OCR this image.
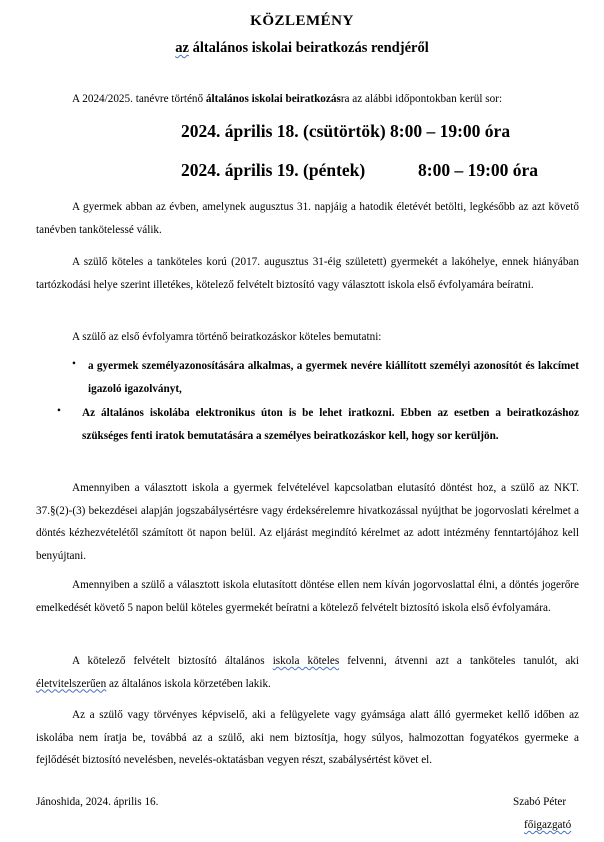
KÖZLEMÉNY
az általános iskolai beiratkozás rendjéről
A 2024/2025. tanévre történő általános iskolai beiratkozásra az alábbi időpontokban kerül sor:
2024. április 18. (csütörtök) 8:00 – 19:00 óra
2024. április 19. (péntek)	8:00 – 19:00 óra
A gyermek abban az évben, amelynek augusztus 31. napjáig a hatodik életévét betölti, legkésőbb az azt követő tanévben tankötelessé válik.
A szülő köteles a tanköteles korú (2017. augusztus 31-éig született) gyermekét a lakóhelye, ennek hiányában tartózkodási helye szerint illetékes, kötelező felvételt biztosító vagy választott iskola első évfolyamára beíratni.
A szülő az első évfolyamra történő beiratkozáskor köteles bemutatni:
• a gyermek személyazonosítására alkalmas, a gyermek nevére kiállított személyi azonosítót és lakcímet igazoló igazolványt,
• Az általános iskolába elektronikus úton is be lehet iratkozni. Ebben az esetben a beiratkozáshoz szükséges fenti iratok bemutatására a személyes beiratkozáskor kell, hogy sor kerüljön.
Amennyiben a választott iskola a gyermek felvételével kapcsolatban elutasító döntést hoz, a szülő az NKT. 37.§(2)-(3) bekezdései alapján jogszabálysértésre vagy érdeksérelemre hivatkozással nyújthat be jogorvoslati kérelmet a döntés kézhezvételétől számított öt napon belül. Az eljárást megindító kérelmet az adott intézmény fenntartójához kell benyújtani.
Amennyiben a szülő a választott iskola elutasított döntése ellen nem kíván jogorvoslattal élni, a döntés jogerőre emelkedését követő 5 napon belül köteles gyermekét beíratni a kötelező felvételt biztosító iskola első évfolyamára.
A kötelező felvételt biztosító általános iskola köteles felvenni, átvenni azt a tanköteles tanulót, aki életvitelszerűen az általános iskola körzetében lakik.
Az a szülő vagy törvényes képviselő, aki a felügyelete vagy gyámsága alatt álló gyermeket kellő időben az iskolába nem íratja be, továbbá az a szülő, aki nem biztosítja, hogy súlyos, halmozottan fogyatékos gyermeke a fejlődését biztosító nevelésben, nevelés-oktatásban vegyen részt, szabálysértést követ el.
Jánoshida, 2024. április 16.	Szabó Péter
főigazgató
